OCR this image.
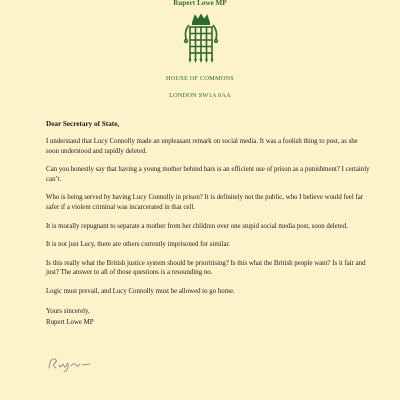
Rupert Lowe MP
HOUSE OF COMMONS
LONDON SW1A 0AA

Dear Secretary of State,

I understand that Lucy Connolly made an unpleasant remark on social media. It was a foolish thing to post, as she soon understood and rapidly deleted.

Can you honestly say that having a young mother behind bars is an efficient use of prison as a punishment? I certainly can’t.

Who is being served by having Lucy Connolly in prison? It is definitely not the public, who I believe would feel far safer if a violent criminal was incarcerated in that cell.

It is morally repugnant to separate a mother from her children over one stupid social media post, soon deleted.

It is not just Lucy, there are others currently imprisoned for similar.

Is this really what the British justice system should be prioritising? Is this what the British people want? Is it fair and just? The answer to all of those questions is a resounding no.

Logic must prevail, and Lucy Connolly must be allowed to go home.

Yours sincerely,

Rupert Lowe MP
